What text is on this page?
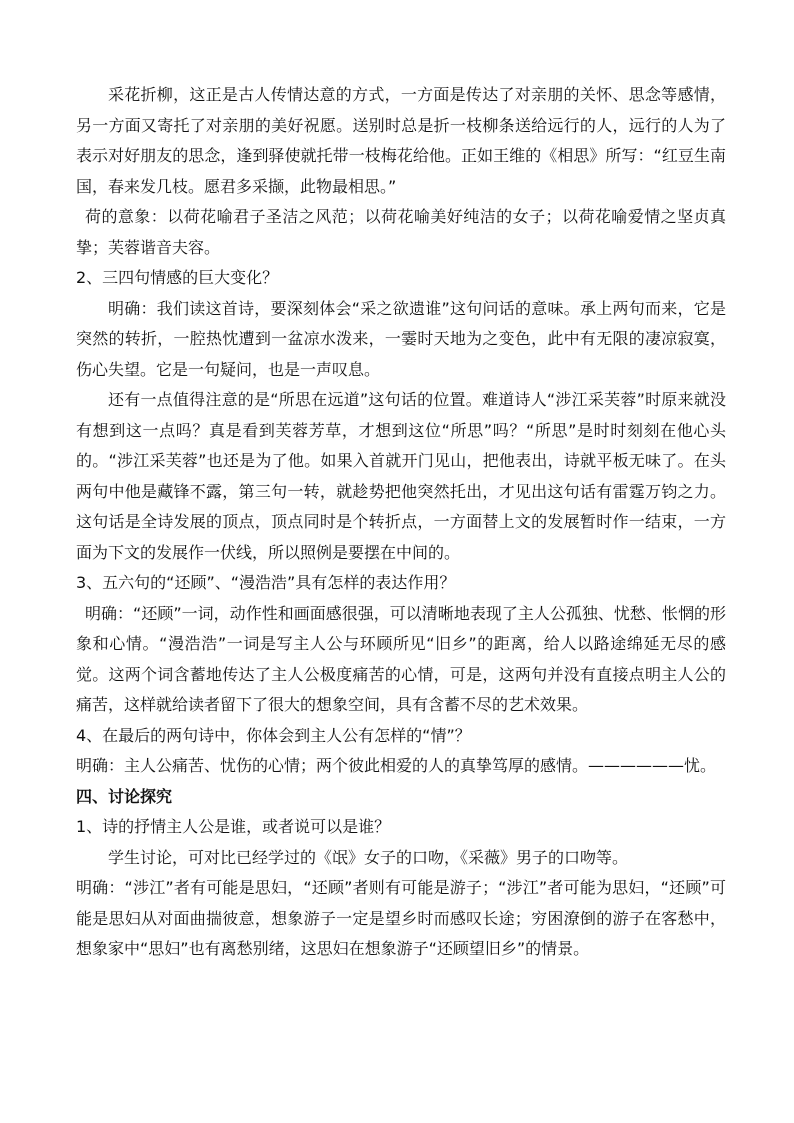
采花折柳，这正是古人传情达意的方式，一方面是传达了对亲朋的关怀、思念等感情，另一方面又寄托了对亲朋的美好祝愿。送别时总是折一枝柳条送给远行的人，远行的人为了表示对好朋友的思念，逢到驿使就托带一枝梅花给他。正如王维的《相思》所写：“红豆生南国，春来发几枝。愿君多采撷，此物最相思。”

荷的意象：以荷花喻君子圣洁之风范；以荷花喻美好纯洁的女子；以荷花喻爱情之坚贞真挚；芙蓉谐音夫容。

2、三四句情感的巨大变化？

明确：我们读这首诗，要深刻体会“采之欲遗谁”这句问话的意味。承上两句而来，它是突然的转折，一腔热忱遭到一盆凉水泼来，一霎时天地为之变色，此中有无限的凄凉寂寞，伤心失望。它是一句疑问，也是一声叹息。

还有一点值得注意的是“所思在远道”这句话的位置。难道诗人“涉江采芙蓉”时原来就没有想到这一点吗？真是看到芙蓉芳草，才想到这位“所思”吗？“所思”是时时刻刻在他心头的。“涉江采芙蓉”也还是为了他。如果入首就开门见山，把他表出，诗就平板无味了。在头两句中他是藏锋不露，第三句一转，就趁势把他突然托出，才见出这句话有雷霆万钧之力。这句话是全诗发展的顶点，顶点同时是个转折点，一方面替上文的发展暂时作一结束，一方面为下文的发展作一伏线，所以照例是要摆在中间的。

3、五六句的“还顾”、“漫浩浩”具有怎样的表达作用？

明确：“还顾”一词，动作性和画面感很强，可以清晰地表现了主人公孤独、忧愁、怅惘的形象和心情。“漫浩浩”一词是写主人公与环顾所见“旧乡”的距离，给人以路途绵延无尽的感觉。这两个词含蓄地传达了主人公极度痛苦的心情，可是，这两句并没有直接点明主人公的痛苦，这样就给读者留下了很大的想象空间，具有含蓄不尽的艺术效果。

4、在最后的两句诗中，你体会到主人公有怎样的“情”？

明确：主人公痛苦、忧伤的心情；两个彼此相爱的人的真挚笃厚的感情。——————忧。

四、讨论探究

1、诗的抒情主人公是谁，或者说可以是谁？

学生讨论，可对比已经学过的《氓》女子的口吻，《采薇》男子的口吻等。

明确：“涉江”者有可能是思妇，“还顾”者则有可能是游子；“涉江”者可能为思妇，“还顾”可能是思妇从对面曲揣彼意，想象游子一定是望乡时而感叹长途；穷困潦倒的游子在客愁中，想象家中“思妇”也有离愁别绪，这思妇在想象游子“还顾望旧乡”的情景。
